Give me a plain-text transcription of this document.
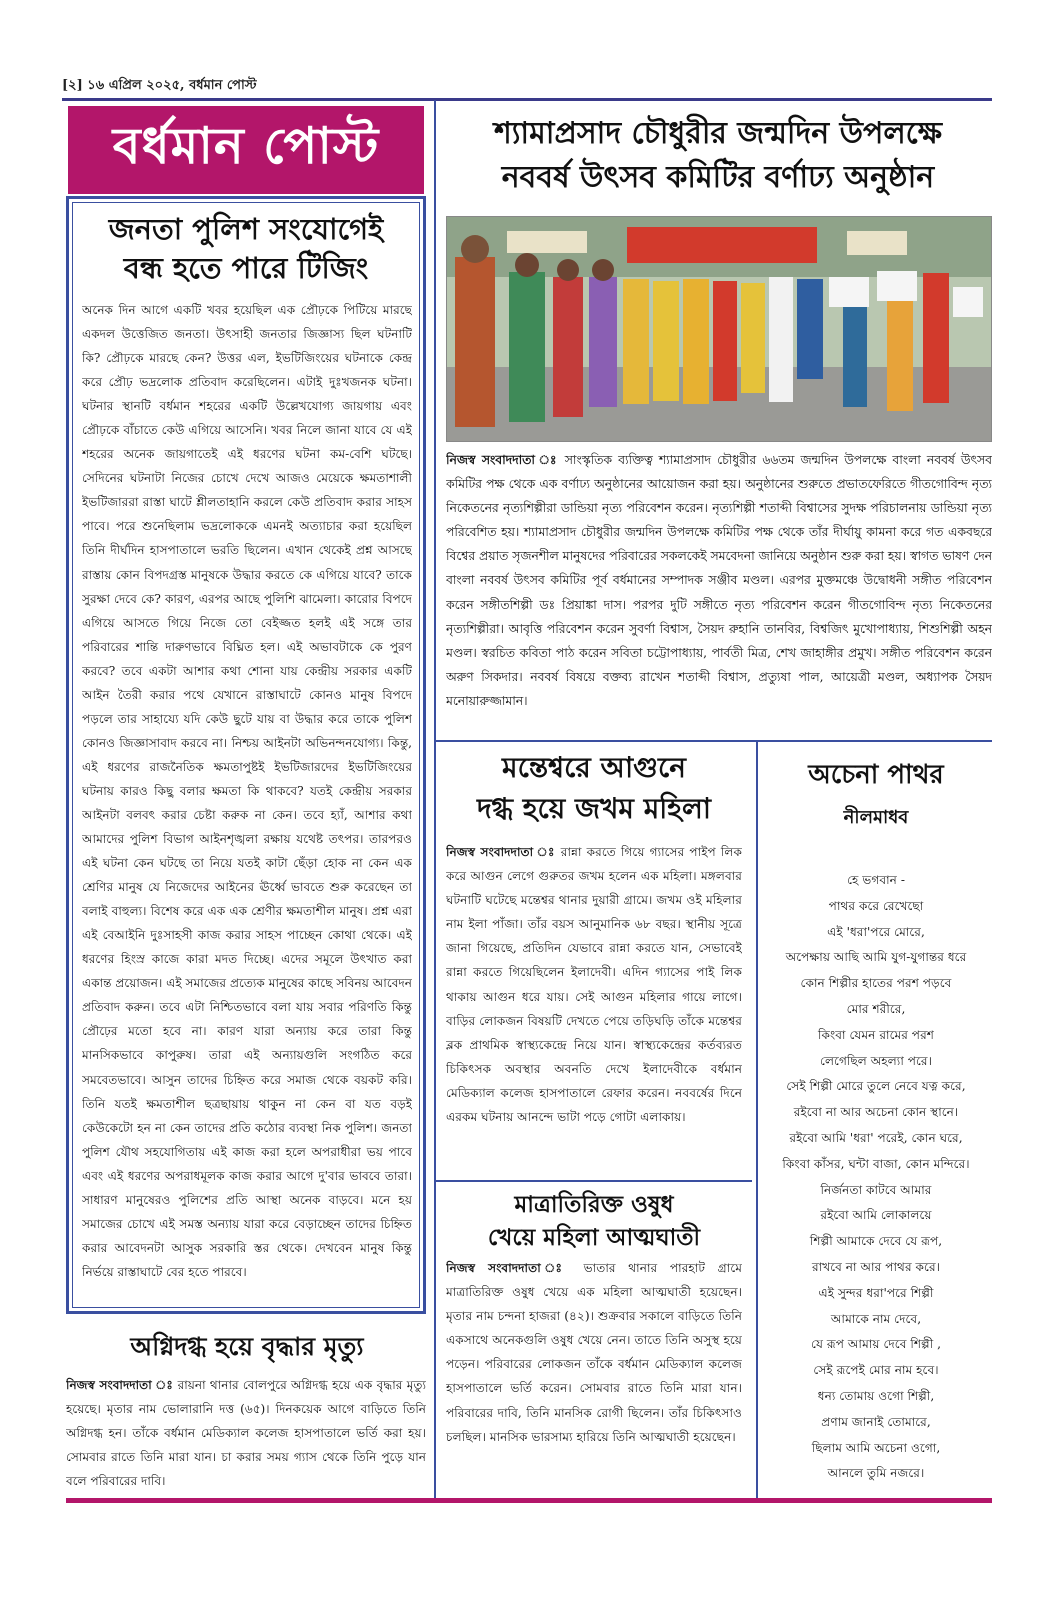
[২] ১৬ এপ্রিল ২০২৫, বর্ধমান পোস্ট
বর্ধমান পোস্ট
জনতা পুলিশ সংযোগেই
বন্ধ হতে পারে টিজিং
অনেক দিন আগে একটি খবর হয়েছিল এক প্রৌঢ়কে পিটিয়ে মারছে একদল উত্তেজিত জনতা। উৎসাহী জনতার জিজ্ঞাস্য ছিল ঘটনাটি কি? প্রৌঢ়কে মারছে কেন? উত্তর এল, ইভটিজিংয়ের ঘটনাকে কেন্দ্র করে প্রৌঢ় ভদ্রলোক প্রতিবাদ করেছিলেন। এটাই দুঃখজনক ঘটনা। ঘটনার স্থানটি বর্ধমান শহরের একটি উল্লেখযোগ্য জায়গায় এবং প্রৌঢ়কে বাঁচাতে কেউ এগিয়ে আসেনি। খবর নিলে জানা যাবে যে এই শহরের অনেক জায়গাতেই এই ধরণের ঘটনা কম-বেশি ঘটছে। সেদিনের ঘটনাটা নিজের চোখে দেখে আজও মেয়েকে ক্ষমতাশালী ইভটিজাররা রাস্তা ঘাটে শ্লীলতাহানি করলে কেউ প্রতিবাদ করার সাহস পাবে। পরে শুনেছিলাম ভদ্রলোককে এমনই অত্যাচার করা হয়েছিল তিনি দীর্ঘদিন হাসপাতালে ভরতি ছিলেন। এখান থেকেই প্রশ্ন আসছে রাস্তায় কোন বিপদগ্রস্ত মানুষকে উদ্ধার করতে কে এগিয়ে যাবে? তাকে সুরক্ষা দেবে কে? কারণ, এরপর আছে পুলিশি ঝামেলা। কারোর বিপদে এগিয়ে আসতে গিয়ে নিজে তো বেইজ্জত হলই এই সঙ্গে তার পরিবারের শান্তি দারুণভাবে বিঘ্নিত হল। এই অভাবটাকে কে পুরণ করবে? তবে একটা আশার কথা শোনা যায় কেন্দ্রীয় সরকার একটি আইন তৈরী করার পথে যেখানে রাস্তাঘাটে কোনও মানুষ বিপদে পড়লে তার সাহায্যে যদি কেউ ছুটে যায় বা উদ্ধার করে তাকে পুলিশ কোনও জিজ্ঞাসাবাদ করবে না। নিশ্চয় আইনটা অভিনন্দনযোগ্য। কিন্তু, এই ধরণের রাজনৈতিক ক্ষমতাপুষ্টই ইভটিজারদের ইভটিজিংয়ের ঘটনায় কারও কিছু বলার ক্ষমতা কি থাকবে? যতই কেন্দ্রীয় সরকার আইনটা বলবৎ করার চেষ্টা করুক না কেন। তবে হ্যাঁ, আশার কথা আমাদের পুলিশ বিভাগ আইনশৃঙ্খলা রক্ষায় যথেষ্ট তৎপর। তারপরও এই ঘটনা কেন ঘটছে তা নিয়ে যতই কাটা ছেঁড়া হোক না কেন এক শ্রেণির মানুষ যে নিজেদের আইনের ঊর্ধ্বে ভাবতে শুরু করেছেন তা বলাই বাহুল্য। বিশেষ করে এক এক শ্রেণীর ক্ষমতাশীল মানুষ। প্রশ্ন এরা এই বেআইনি দুঃসাহসী কাজ করার সাহস পাচ্ছেন কোথা থেকে। এই ধরণের হিংস্র কাজে কারা মদত দিচ্ছে। এদের সমূলে উৎখাত করা একান্ত প্রয়োজন। এই সমাজের প্রত্যেক মানুষের কাছে সবিনয় আবেদন প্রতিবাদ করুন। তবে এটা নিশ্চিতভাবে বলা যায় সবার পরিণতি কিন্তু প্রৌঢ়ের মতো হবে না। কারণ যারা অন্যায় করে তারা কিন্তু মানসিকভাবে কাপুরুষ। তারা এই অন্যায়গুলি সংগঠিত করে সমবেতভাবে। আসুন তাদের চিহ্নিত করে সমাজ থেকে বয়কট করি। তিনি যতই ক্ষমতাশীল ছত্রছায়ায় থাকুন না কেন বা যত বড়ই কেউকেটো হন না কেন তাদের প্রতি কঠোর ব্যবস্থা নিক পুলিশ। জনতা পুলিশ যৌথ সহযোগিতায় এই কাজ করা হলে অপরাধীরা ভয় পাবে এবং এই ধরণের অপরাধমূলক কাজ করার আগে দু'বার ভাববে তারা। সাধারণ মানুষেরও পুলিশের প্রতি আস্থা অনেক বাড়বে। মনে হয় সমাজের চোখে এই সমস্ত অন্যায় যারা করে বেড়াচ্ছেন তাদের চিহ্নিত করার আবেদনটা আসুক সরকারি স্তর থেকে। দেখবেন মানুষ কিন্তু নির্ভয়ে রাস্তাঘাটে বের হতে পারবে।
অগ্নিদগ্ধ হয়ে বৃদ্ধার মৃত্যু
নিজস্ব সংবাদদাতা ঃ রায়না থানার বোলপুরে অগ্নিদগ্ধ হয়ে এক বৃদ্ধার মৃত্যু হয়েছে। মৃতার নাম ভোলারানি দত্ত (৬৫)। দিনকয়েক আগে বাড়িতে তিনি অগ্নিদগ্ধ হন। তাঁকে বর্ধমান মেডিক্যাল কলেজ হাসপাতালে ভর্তি করা হয়। সোমবার রাতে তিনি মারা যান। চা করার সময় গ্যাস থেকে তিনি পুড়ে যান বলে পরিবারের দাবি।
শ্যামাপ্রসাদ চৌধুরীর জন্মদিন উপলক্ষে
নববর্ষ উৎসব কমিটির বর্ণাঢ্য অনুষ্ঠান
নিজস্ব সংবাদদাতা ঃ সাংস্কৃতিক ব্যক্তিত্ব শ্যামাপ্রসাদ চৌধুরীর ৬৬তম জন্মদিন উপলক্ষে বাংলা নববর্ষ উৎসব কমিটির পক্ষ থেকে এক বর্ণাঢ্য অনুষ্ঠানের আয়োজন করা হয়। অনুষ্ঠানের শুরুতে প্রভাতফেরিতে গীতগোবিন্দ নৃত্য নিকেতনের নৃত্যশিল্পীরা ডান্ডিয়া নৃত্য পরিবেশন করেন। নৃত্যশিল্পী শতাব্দী বিশ্বাসের সুদক্ষ পরিচালনায় ডান্ডিয়া নৃত্য পরিবেশিত হয়। শ্যামাপ্রসাদ চৌধুরীর জন্মদিন উপলক্ষে কমিটির পক্ষ থেকে তাঁর দীর্ঘায়ু কামনা করে গত একবছরে বিশ্বের প্রয়াত সৃজনশীল মানুষদের পরিবারের সকলকেই সমবেদনা জানিয়ে অনুষ্ঠান শুরু করা হয়। স্বাগত ভাষণ দেন বাংলা নববর্ষ উৎসব কমিটির পূর্ব বর্ধমানের সম্পাদক সঞ্জীব মণ্ডল। এরপর মুক্তমঞ্চে উদ্বোধনী সঙ্গীত পরিবেশন করেন সঙ্গীতশিল্পী ডঃ প্রিয়াঙ্কা দাস। পরপর দুটি সঙ্গীতে নৃত্য পরিবেশন করেন গীতগোবিন্দ নৃত্য নিকেতনের নৃত্যশিল্পীরা। আবৃত্তি পরিবেশন করেন সুবর্ণা বিশ্বাস, সৈয়দ রুহানি তানবির, বিশ্বজিৎ মুখোপাধ্যায়, শিশুশিল্পী অহন মণ্ডল। স্বরচিত কবিতা পাঠ করেন সবিতা চট্টোপাধ্যায়, পার্বতী মিত্র, শেখ জাহাঙ্গীর প্রমুখ। সঙ্গীত পরিবেশন করেন অরুণ সিকদার। নববর্ষ বিষয়ে বক্তব্য রাখেন শতাব্দী বিশ্বাস, প্রত্যুষা পাল, আয়েত্রী মণ্ডল, অধ্যাপক সৈয়দ মনোয়ারুজ্জামান।
মন্তেশ্বরে আগুনে
দগ্ধ হয়ে জখম মহিলা
নিজস্ব সংবাদদাতা ঃ রান্না করতে গিয়ে গ্যাসের পাইপ লিক করে আগুন লেগে গুরুতর জখম হলেন এক মহিলা। মঙ্গলবার ঘটনাটি ঘটেছে মন্তেশ্বর থানার দুয়ারী গ্রামে। জখম ওই মহিলার নাম ইলা পাঁজা। তাঁর বয়স আনুমানিক ৬৮ বছর। স্থানীয় সূত্রে জানা গিয়েছে, প্রতিদিন যেভাবে রান্না করতে যান, সেভাবেই রান্না করতে গিয়েছিলেন ইলাদেবী। এদিন গ্যাসের পাই লিক থাকায় আগুন ধরে যায়। সেই আগুন মহিলার গায়ে লাগে। বাড়ির লোকজন বিষয়টি দেখতে পেয়ে তড়িঘড়ি তাঁকে মন্তেশ্বর ব্লক প্রাথমিক স্বাস্থ্যকেন্দ্রে নিয়ে যান। স্বাস্থ্যকেন্দ্রের কর্তব্যরত চিকিৎসক অবস্থার অবনতি দেখে ইলাদেবীকে বর্ধমান মেডিক্যাল কলেজ হাসপাতালে রেফার করেন। নববর্ষের দিনে এরকম ঘটনায় আনন্দে ভাটা পড়ে গোটা এলাকায়।
মাত্রাতিরিক্ত ওষুধ
খেয়ে মহিলা আত্মঘাতী
নিজস্ব সংবাদদাতা ঃ ভাতার থানার পারহাট গ্রামে মাত্রাতিরিক্ত ওষুধ খেয়ে এক মহিলা আত্মঘাতী হয়েছেন। মৃতার নাম চন্দনা হাজরা (৪২)। শুক্রবার সকালে বাড়িতে তিনি একসাথে অনেকগুলি ওষুধ খেয়ে নেন। তাতে তিনি অসুস্থ হয়ে পড়েন। পরিবারের লোকজন তাঁকে বর্ধমান মেডিক্যাল কলেজ হাসপাতালে ভর্তি করেন। সোমবার রাতে তিনি মারা যান। পরিবারের দাবি, তিনি মানসিক রোগী ছিলেন। তাঁর চিকিৎসাও চলছিল। মানসিক ভারসাম্য হারিয়ে তিনি আত্মঘাতী হয়েছেন।
অচেনা পাথর
নীলমাধব
হে ভগবান -
পাথর করে রেখেছো
এই 'ধরা'পরে মোরে,
অপেক্ষায় আছি আমি যুগ-যুগান্তর ধরে
কোন শিল্পীর হাতের পরশ পড়বে
মোর শরীরে,
কিংবা যেমন রামের পরশ
লেগেছিল অহল্যা পরে।
সেই শিল্পী মোরে তুলে নেবে যত্ন করে,
রইবো না আর অচেনা কোন স্থানে।
রইবো আমি 'ধরা' পরেই, কোন ঘরে,
কিংবা কাঁসর, ঘন্টা বাজা, কোন মন্দিরে।
নির্জনতা কাটবে আমার
রইবো আমি লোকালয়ে
শিল্পী আমাকে দেবে যে রূপ,
রাখবে না আর পাথর করে।
এই সুন্দর ধরা'পরে শিল্পী
আমাকে নাম দেবে,
যে রূপ আমায় দেবে শিল্পী ,
সেই রূপেই মোর নাম হবে।
ধন্য তোমায় ওগো শিল্পী,
প্রণাম জানাই তোমারে,
ছিলাম আমি অচেনা ওগো,
আনলে তুমি নজরে।
